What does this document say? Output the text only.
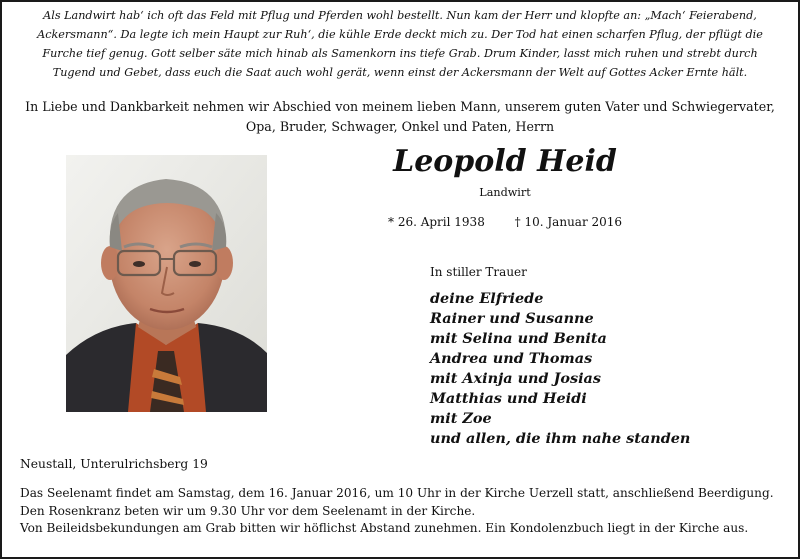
Als Landwirt hab‘ ich oft das Feld mit Pflug und Pferden wohl bestellt. Nun kam der Herr und klopfte an: „Mach‘ Feierabend,
Ackersmann“. Da legte ich mein Haupt zur Ruh‘, die kühle Erde deckt mich zu. Der Tod hat einen scharfen Pflug, der pflügt die
Furche tief genug. Gott selber säte mich hinab als Samenkorn ins tiefe Grab. Drum Kinder, lasst mich ruhen und strebt durch
Tugend und Gebet, dass euch die Saat auch wohl gerät, wenn einst der Ackersmann der Welt auf Gottes Acker Ernte hält.
In Liebe und Dankbarkeit nehmen wir Abschied von meinem lieben Mann, unserem guten Vater und Schwiegervater,
Opa, Bruder, Schwager, Onkel und Paten, Herrn
Leopold Heid
Landwirt
* 26. April 1938 † 10. Januar 2016
In stiller Trauer
deine Elfriede
Rainer und Susanne
mit Selina und Benita
Andrea und Thomas
mit Axinja und Josias
Matthias und Heidi
mit Zoe
und allen, die ihm nahe standen
Neustall, Unterulrichsberg 19
Das Seelenamt findet am Samstag, dem 16. Januar 2016, um 10 Uhr in der Kirche Uerzell statt, anschließend Beerdigung.
Den Rosenkranz beten wir um 9.30 Uhr vor dem Seelenamt in der Kirche.
Von Beileidsbekundungen am Grab bitten wir höflichst Abstand zunehmen. Ein Kondolenzbuch liegt in der Kirche aus.
